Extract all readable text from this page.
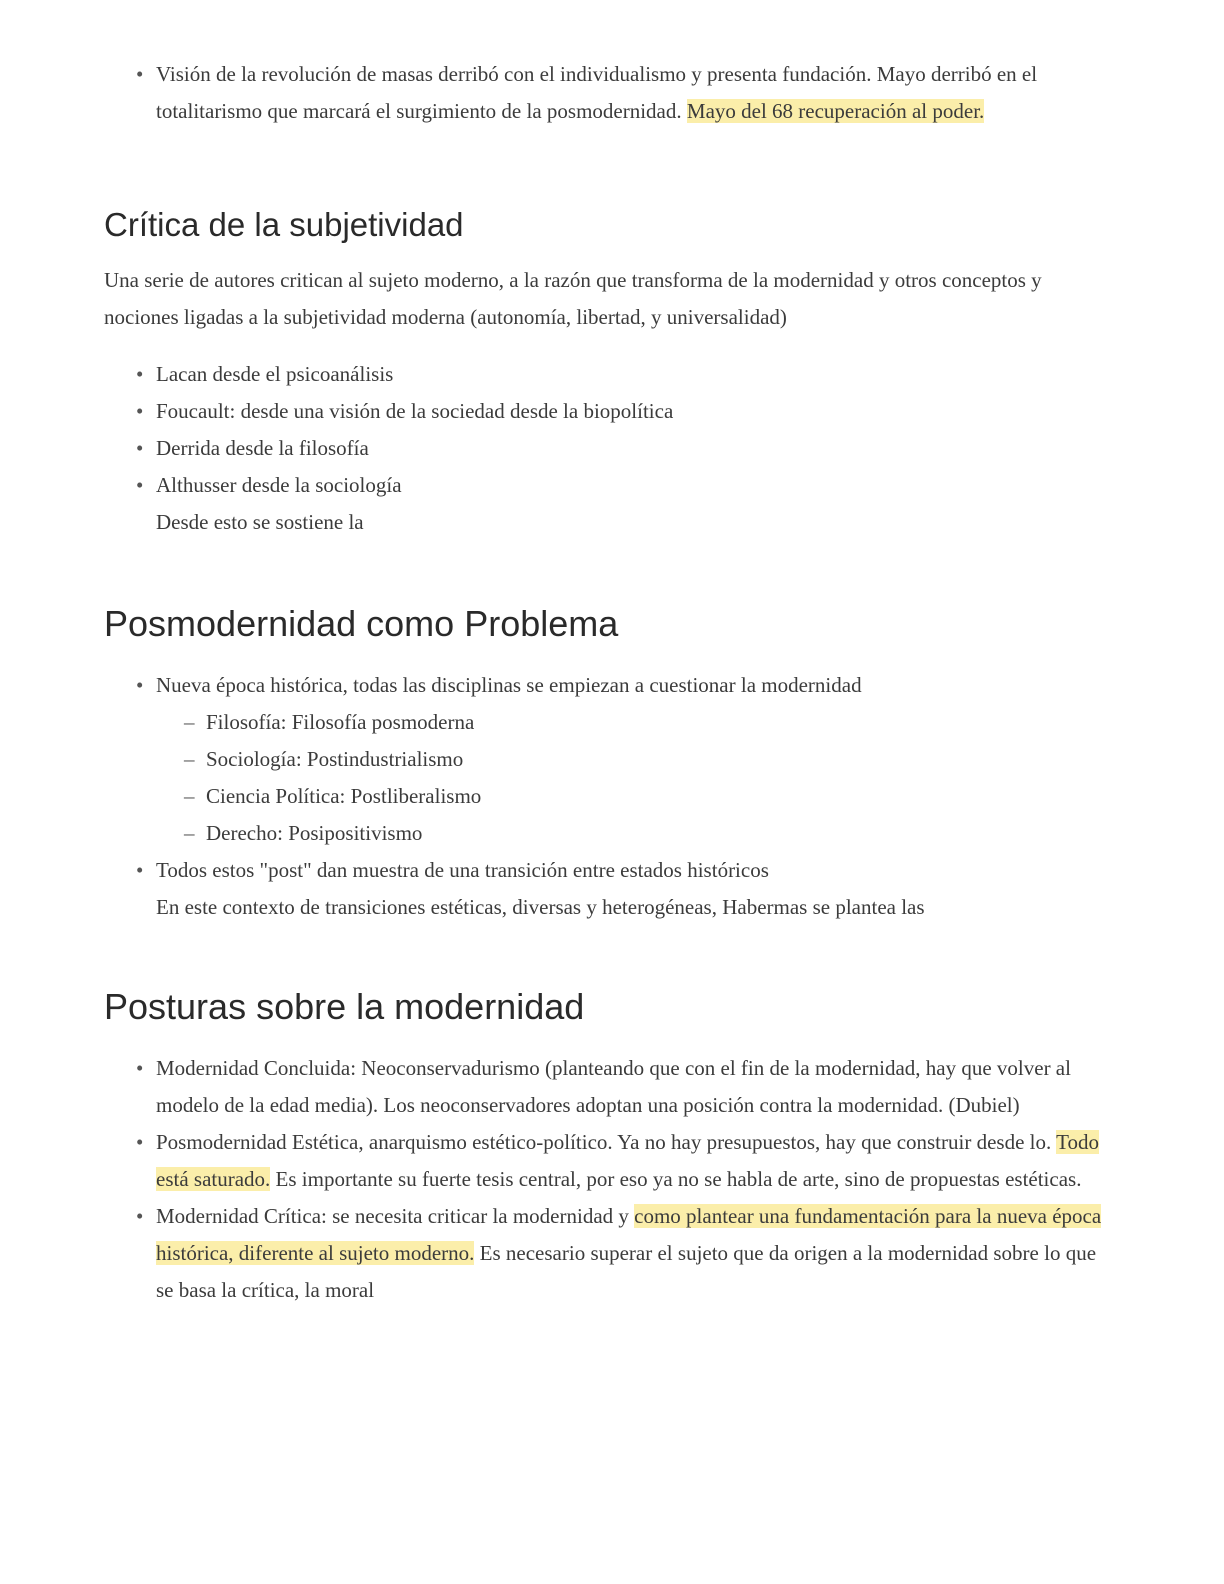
• Visión de la revolución de masas derribó con el individualismo y presenta fundación. Mayo derribó en el totalitarismo que marcará el surgimiento de la posmodernidad. Mayo del 68 recuperación al poder.
Crítica de la subjetividad

Una serie de autores critican al sujeto moderno, a la razón que transforma de la modernidad y otros conceptos y nociones ligadas a la subjetividad moderna (autonomía, libertad, y universalidad)

• Lacan desde el psicoanálisis
• Foucault: desde una visión de la sociedad desde la biopolítica
• Derrida desde la filosofía
• Althusser desde la sociología
Desde esto se sostiene la
Posmodernidad como Problema
• Nueva época histórica, todas las disciplinas se empiezan a cuestionar la modernidad
– Filosofía: Filosofía posmoderna
– Sociología: Postindustrialismo
– Ciencia Política: Postliberalismo
– Derecho: Posipositivismo
• Todos estos "post" dan muestra de una transición entre estados históricos
En este contexto de transiciones estéticas, diversas y heterogéneas, Habermas se plantea las
Posturas sobre la modernidad
• Modernidad Concluida: Neoconservadurismo (planteando que con el fin de la modernidad, hay que volver al modelo de la edad media). Los neoconservadores adoptan una posición contra la modernidad. (Dubiel)
• Posmodernidad Estética, anarquismo estético-político. Ya no hay presupuestos, hay que construir desde lo. Todo está saturado. Es importante su fuerte tesis central, por eso ya no se habla de arte, sino de propuestas estéticas.
• Modernidad Crítica: se necesita criticar la modernidad y como plantear una fundamentación para la nueva época histórica, diferente al sujeto moderno. Es necesario superar el sujeto que da origen a la modernidad sobre lo que se basa la crítica, la moral
